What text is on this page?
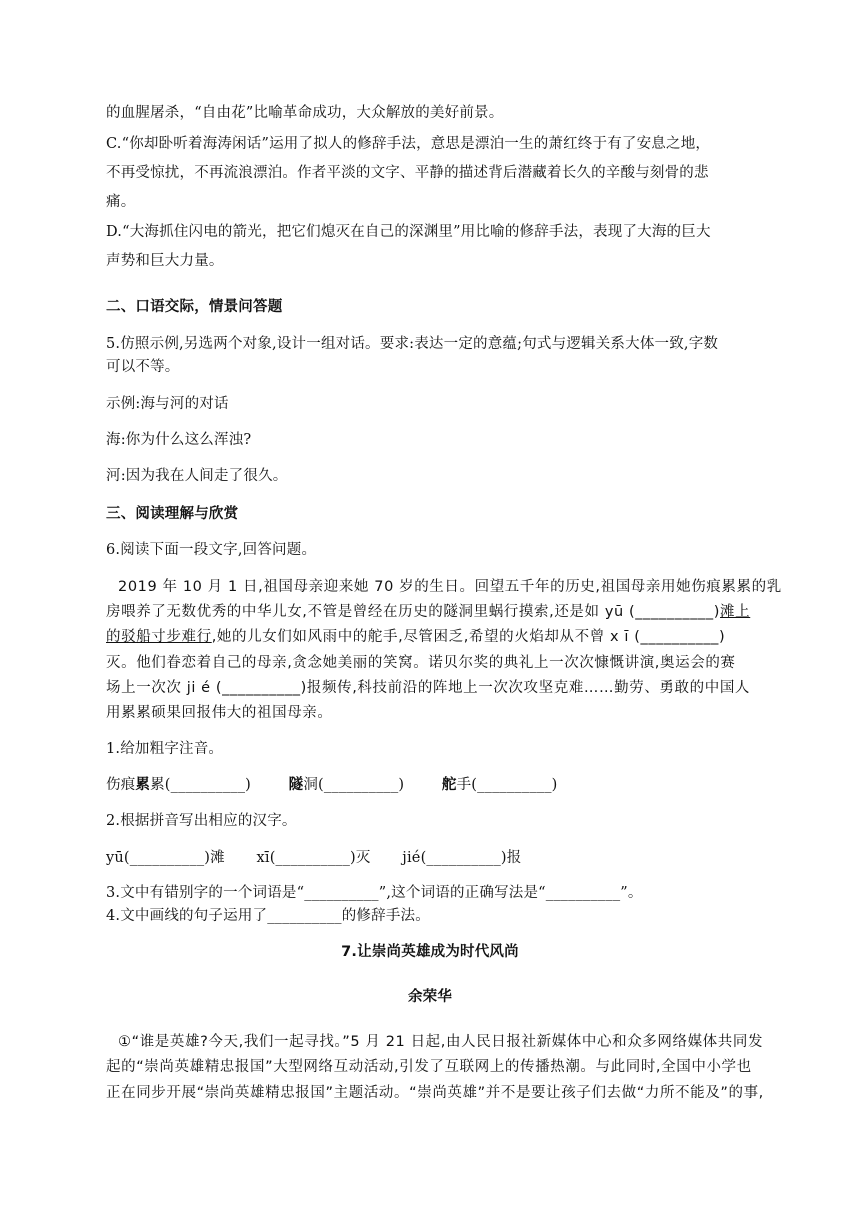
的血腥屠杀，“自由花”比喻革命成功，大众解放的美好前景。
C.“你却卧听着海涛闲话”运用了拟人的修辞手法，意思是漂泊一生的萧红终于有了安息之地，
不再受惊扰，不再流浪漂泊。作者平淡的文字、平静的描述背后潜藏着长久的辛酸与刻骨的悲
痛。
D.“大海抓住闪电的箭光，把它们熄灭在自己的深渊里”用比喻的修辞手法，表现了大海的巨大
声势和巨大力量。
二、口语交际，情景问答题
5.仿照示例,另选两个对象,设计一组对话。要求:表达一定的意蕴;句式与逻辑关系大体一致,字数
可以不等。
示例:海与河的对话
海:你为什么这么浑浊?
河:因为我在人间走了很久。
三、阅读理解与欣赏
6.阅读下面一段文字,回答问题。
2019 年 10 月 1 日,祖国母亲迎来她 70 岁的生日。回望五千年的历史,祖国母亲用她伤痕累累的乳
房喂养了无数优秀的中华儿女,不管是曾经在历史的隧洞里蜗行摸索,还是如 yū (__________)滩上
的驳船寸步难行,她的儿女们如风雨中的舵手,尽管困乏,希望的火焰却从不曾 x ī (__________)
灭。他们眷恋着自己的母亲,贪念她美丽的笑窝。诺贝尔奖的典礼上一次次慷慨讲演,奥运会的赛
场上一次次 ji é (__________)报频传,科技前沿的阵地上一次次攻坚克难……勤劳、勇敢的中国人
用累累硕果回报伟大的祖国母亲。
1.给加粗字注音。
伤痕累累(__________)	隧洞(__________)	舵手(__________)
2.根据拼音写出相应的汉字。
yū(__________)滩 xī(__________)灭 jié(__________)报
3.文中有错别字的一个词语是“__________”,这个词语的正确写法是“__________”。
4.文中画线的句子运用了__________的修辞手法。
7.让崇尚英雄成为时代风尚
余荣华
①“谁是英雄?今天,我们一起寻找。”5 月 21 日起,由人民日报社新媒体中心和众多网络媒体共同发
起的“崇尚英雄精忠报国”大型网络互动活动,引发了互联网上的传播热潮。与此同时,全国中小学也
正在同步开展“崇尚英雄精忠报国”主题活动。“崇尚英雄”并不是要让孩子们去做“力所不能及”的事,
